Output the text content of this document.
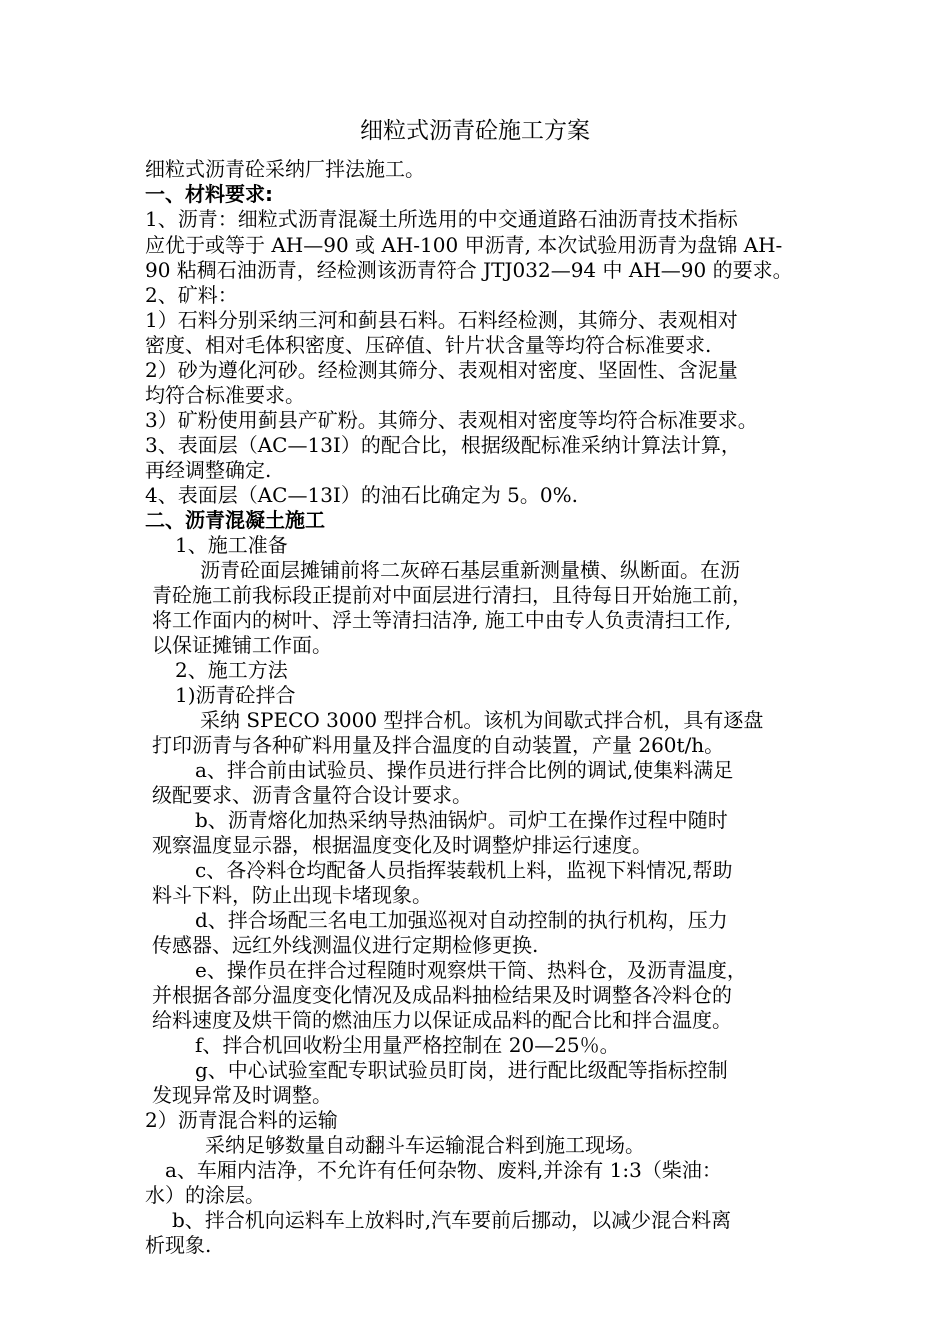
细粒式沥青砼施工方案
细粒式沥青砼采纳厂拌法施工。
一、材料要求:
1、沥青：细粒式沥青混凝土所选用的中交通道路石油沥青技术指标
应优于或等于 AH—90 或 AH-100 甲沥青, 本次试验用沥青为盘锦 AH-
90 粘稠石油沥青，经检测该沥青符合 JTJ032—94 中 AH—90 的要求。
2、矿料：
1）石料分别采纳三河和蓟县石料。石料经检测，其筛分、表观相对
密度、相对毛体积密度、压碎值、针片状含量等均符合标准要求.
2）砂为遵化河砂。经检测其筛分、表观相对密度、坚固性、含泥量
均符合标准要求。
3）矿粉使用蓟县产矿粉。其筛分、表观相对密度等均符合标准要求。
3、表面层（AC—13Ⅰ）的配合比，根据级配标准采纳计算法计算，
再经调整确定.
4、表面层（AC—13Ⅰ）的油石比确定为 5。0%.
二、沥青混凝土施工
1、施工准备
沥青砼面层摊铺前将二灰碎石基层重新测量横、纵断面。在沥
青砼施工前我标段正提前对中面层进行清扫，且待每日开始施工前，
将工作面内的树叶、浮土等清扫洁净, 施工中由专人负责清扫工作,
以保证摊铺工作面。
2、施工方法
1)沥青砼拌合
采纳 SPECO 3000 型拌合机。该机为间歇式拌合机，具有逐盘
打印沥青与各种矿料用量及拌合温度的自动装置，产量 260t/h。
a、拌合前由试验员、操作员进行拌合比例的调试,使集料满足
级配要求、沥青含量符合设计要求。
b、沥青熔化加热采纳导热油锅炉。司炉工在操作过程中随时
观察温度显示器，根据温度变化及时调整炉排运行速度。
c、各冷料仓均配备人员指挥装载机上料，监视下料情况,帮助
料斗下料，防止出现卡堵现象。
d、拌合场配三名电工加强巡视对自动控制的执行机构，压力
传感器、远红外线测温仪进行定期检修更换.
e、操作员在拌合过程随时观察烘干筒、热料仓，及沥青温度，
并根据各部分温度变化情况及成品料抽检结果及时调整各冷料仓的
给料速度及烘干筒的燃油压力以保证成品料的配合比和拌合温度。
f、拌合机回收粉尘用量严格控制在 20—25％。
g、中心试验室配专职试验员盯岗，进行配比级配等指标控制
发现异常及时调整。
2）沥青混合料的运输
采纳足够数量自动翻斗车运输混合料到施工现场。
a、车厢内洁净，不允许有任何杂物、废料,并涂有 1:3（柴油：
水）的涂层。
b、拌合机向运料车上放料时,汽车要前后挪动，以减少混合料离
析现象.
